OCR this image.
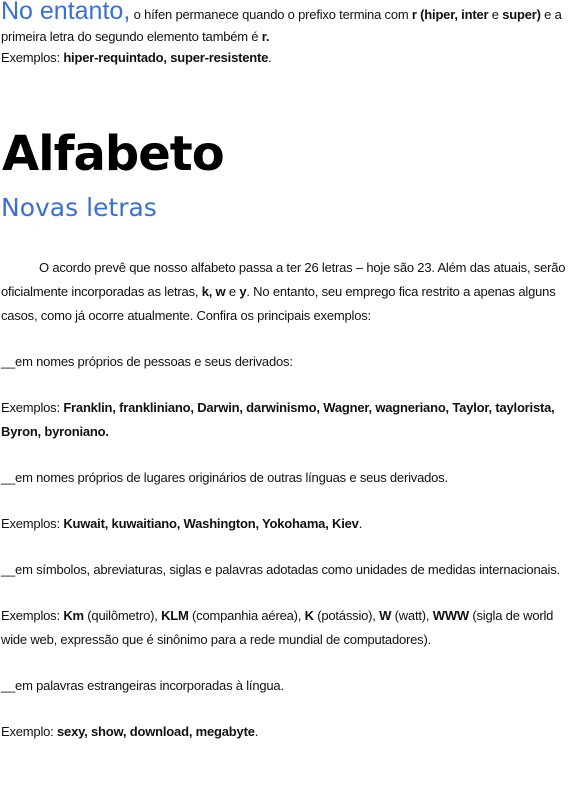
No entanto, o hífen permanece quando o prefixo termina com r (hiper, inter e super) e a primeira letra do segundo elemento também é r.

Exemplos: hiper-requintado, super-resistente.

Alfabeto
Novas letras

O acordo prevê que nosso alfabeto passa a ter 26 letras – hoje são 23. Além das atuais, serão oficialmente incorporadas as letras, k, w e y. No entanto, seu emprego fica restrito a apenas alguns casos, como já ocorre atualmente. Confira os principais exemplos:

__em nomes próprios de pessoas e seus derivados:

Exemplos: Franklin, frankliniano, Darwin, darwinismo, Wagner, wagneriano, Taylor, taylorista, Byron, byroniano.

__em nomes próprios de lugares originários de outras línguas e seus derivados.

Exemplos: Kuwait, kuwaitiano, Washington, Yokohama, Kiev.

__em símbolos, abreviaturas, siglas e palavras adotadas como unidades de medidas internacionais.

Exemplos: Km (quilômetro), KLM (companhia aérea), K (potássio), W (watt), WWW (sigla de world wide web, expressão que é sinônimo para a rede mundial de computadores).

__em palavras estrangeiras incorporadas à língua.

Exemplo: sexy, show, download, megabyte.
